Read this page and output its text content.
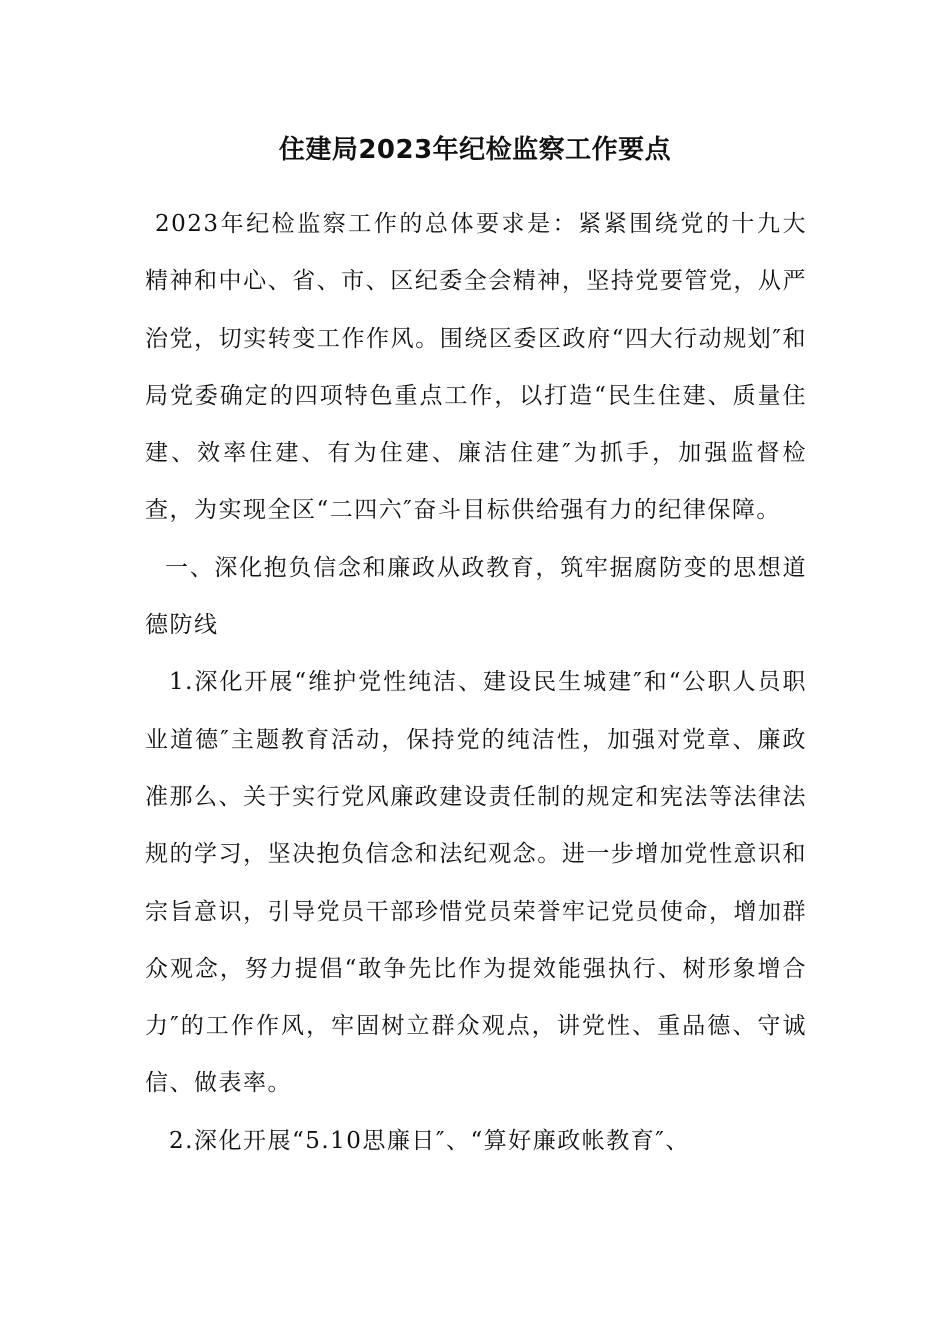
住建局2023年纪检监察工作要点

2023年纪检监察工作的总体要求是：紧紧围绕党的十九大精神和中心、省、市、区纪委全会精神，坚持党要管党，从严治党，切实转变工作作风。围绕区委区政府“四大行动规划″和局党委确定的四项特色重点工作，以打造“民生住建、质量住建、效率住建、有为住建、廉洁住建″为抓手，加强监督检查，为实现全区“二四六″奋斗目标供给强有力的纪律保障。

一、深化抱负信念和廉政从政教育，筑牢据腐防变的思想道德防线

1.深化开展“维护党性纯洁、建设民生城建″和“公职人员职业道德″主题教育活动，保持党的纯洁性，加强对党章、廉政准那么、关于实行党风廉政建设责任制的规定和宪法等法律法规的学习，坚决抱负信念和法纪观念。进一步增加党性意识和宗旨意识，引导党员干部珍惜党员荣誉牢记党员使命，增加群众观念，努力提倡“敢争先比作为提效能强执行、树形象增合力″的工作作风，牢固树立群众观点，讲党性、重品德、守诚信、做表率。

2.深化开展“5.10思廉日″、“算好廉政帐教育″、
